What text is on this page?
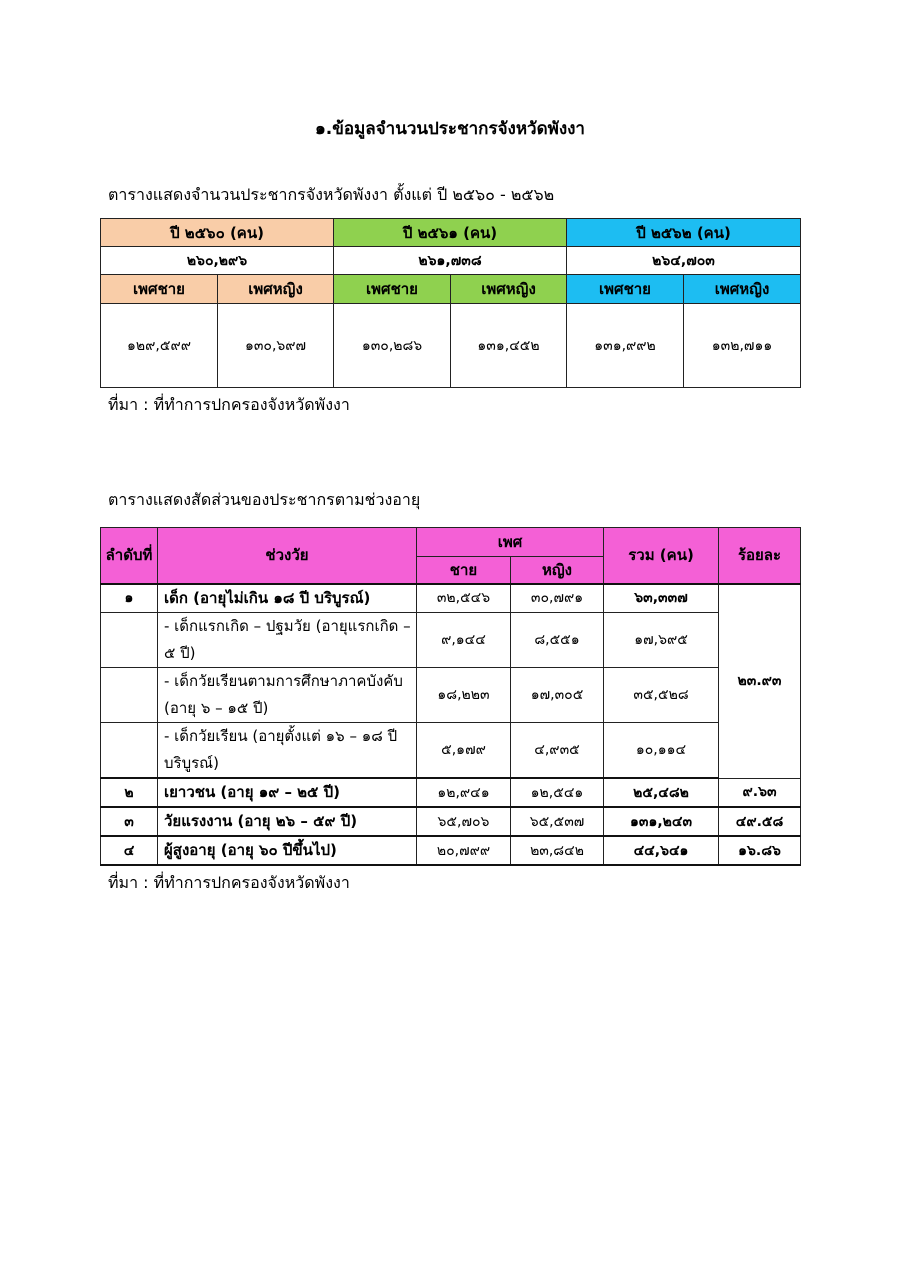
๑.ข้อมูลจำนวนประชากรจังหวัดพังงา
ตารางแสดงจำนวนประชากรจังหวัดพังงา ตั้งแต่ ปี ๒๕๖๐ - ๒๕๖๒
ปี ๒๕๖๐ (คน)		ปี ๒๕๖๑ (คน)		ปี ๒๕๖๒ (คน)	
๒๖๐,๒๙๖		๒๖๑,๗๓๘		๒๖๔,๗๐๓	
เพศชาย	เพศหญิง	เพศชาย	เพศหญิง	เพศชาย	เพศหญิง
๑๒๙,๕๙๙	๑๓๐,๖๙๗	๑๓๐,๒๘๖	๑๓๑,๔๕๒	๑๓๑,๙๙๒	๑๓๒,๗๑๑
ที่มา : ที่ทำการปกครองจังหวัดพังงา
ตารางแสดงสัดส่วนของประชากรตามช่วงอายุ
ลำดับที่	ช่วงวัย	เพศ		รวม (คน)	ร้อยละ
		ชาย	หญิง		
๑	เด็ก (อายุไม่เกิน ๑๘ ปี บริบูรณ์)	๓๒,๕๔๖	๓๐,๗๙๑	๖๓,๓๓๗	๒๓.๙๓
	- เด็กแรกเกิด – ปฐมวัย (อายุแรกเกิด – ๕ ปี)	๙,๑๔๔	๘,๕๕๑	๑๗,๖๙๕	
	- เด็กวัยเรียนตามการศึกษาภาคบังคับ (อายุ ๖ – ๑๕ ปี)	๑๘,๒๒๓	๑๗,๓๐๕	๓๕,๕๒๘	
	- เด็กวัยเรียน (อายุตั้งแต่ ๑๖ – ๑๘ ปี บริบูรณ์)	๕,๑๗๙	๔,๙๓๕	๑๐,๑๑๔	
๒	เยาวชน (อายุ ๑๙ – ๒๕ ปี)	๑๒,๙๔๑	๑๒,๕๔๑	๒๕,๔๘๒	๙.๖๓
๓	วัยแรงงาน (อายุ ๒๖ – ๕๙ ปี)	๖๕,๗๐๖	๖๕,๕๓๗	๑๓๑,๒๔๓	๔๙.๕๘
๔	ผู้สูงอายุ (อายุ ๖๐ ปีขึ้นไป)	๒๐,๗๙๙	๒๓,๘๔๒	๔๔,๖๔๑	๑๖.๘๖
ที่มา : ที่ทำการปกครองจังหวัดพังงา
